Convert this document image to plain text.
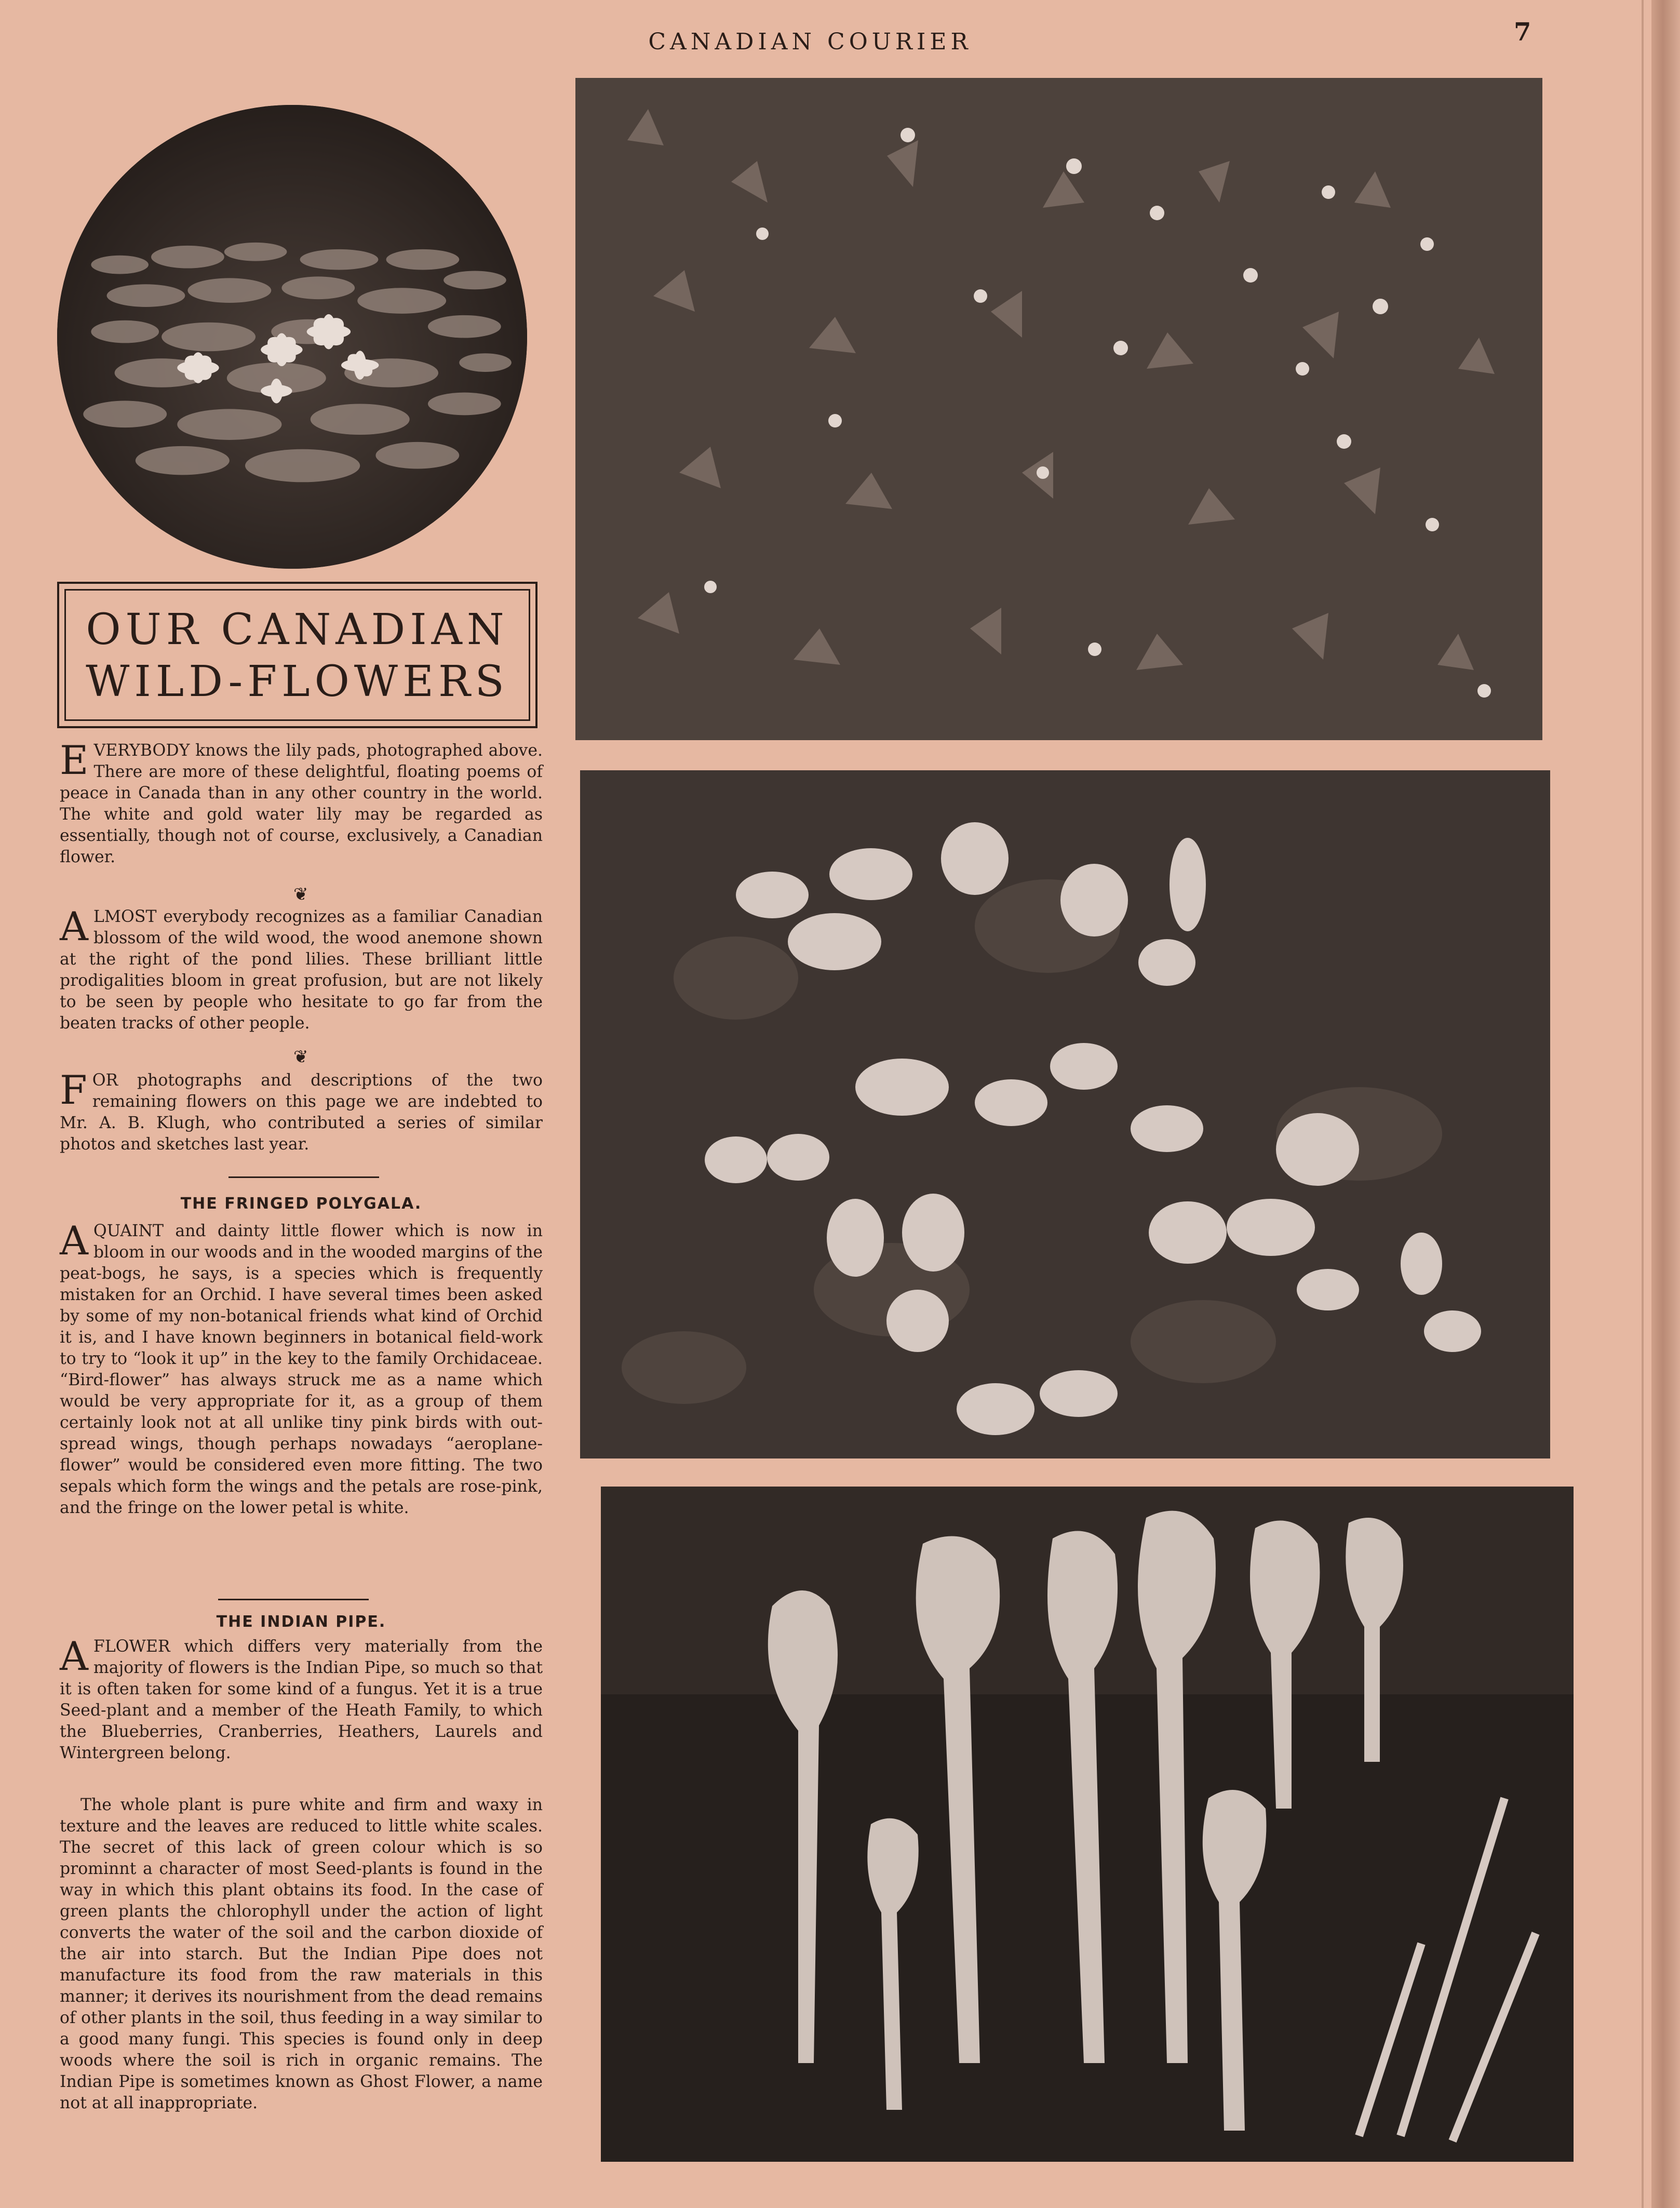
CANADIAN COURIER	7
OUR CANADIAN
WILD-FLOWERS

EVERYBODY knows the lily pads, photographed above. There are more of these delightful, floating poems of peace in Canada than in any other country in the world. The white and gold water lily may be regarded as essentially, though not of course, exclusively, a Canadian flower.

❦

ALMOST everybody recognizes as a familiar Canadian blossom of the wild wood, the wood anemone shown at the right of the pond lilies. These brilliant little prodigalities bloom in great profusion, but are not likely to be seen by people who hesitate to go far from the beaten tracks of other people.

❦

FOR photographs and descriptions of the two remaining flowers on this page we are indebted to Mr. A. B. Klugh, who contributed a series of similar photos and sketches last year.

THE FRINGED POLYGALA.

AQUAINT and dainty little flower which is now in bloom in our woods and in the wooded margins of the peat-bogs, he says, is a species which is frequently mistaken for an Orchid. I have several times been asked by some of my non-botanical friends what kind of Orchid it is, and I have known beginners in botanical field-work to try to “look it up” in the key to the family Orchidaceae. “Bird-flower” has always struck me as a name which would be very appropriate for it, as a group of them certainly look not at all unlike tiny pink birds with out-spread wings, though perhaps nowadays “aeroplane-flower” would be considered even more fitting. The two sepals which form the wings and the petals are rose-pink, and the fringe on the lower petal is white.

THE INDIAN PIPE.

AFLOWER which differs very materially from the majority of flowers is the Indian Pipe, so much so that it is often taken for some kind of a fungus. Yet it is a true Seed-plant and a member of the Heath Family, to which the Blueberries, Cranberries, Heathers, Laurels and Wintergreen belong.

The whole plant is pure white and firm and waxy in texture and the leaves are reduced to little white scales. The secret of this lack of green colour which is so prominnt a character of most Seed-plants is found in the way in which this plant obtains its food. In the case of green plants the chlorophyll under the action of light converts the water of the soil and the carbon dioxide of the air into starch. But the Indian Pipe does not manufacture its food from the raw materials in this manner; it derives its nourishment from the dead remains of other plants in the soil, thus feeding in a way similar to a good many fungi. This species is found only in deep woods where the soil is rich in organic remains. The Indian Pipe is sometimes known as Ghost Flower, a name not at all inappropriate.
